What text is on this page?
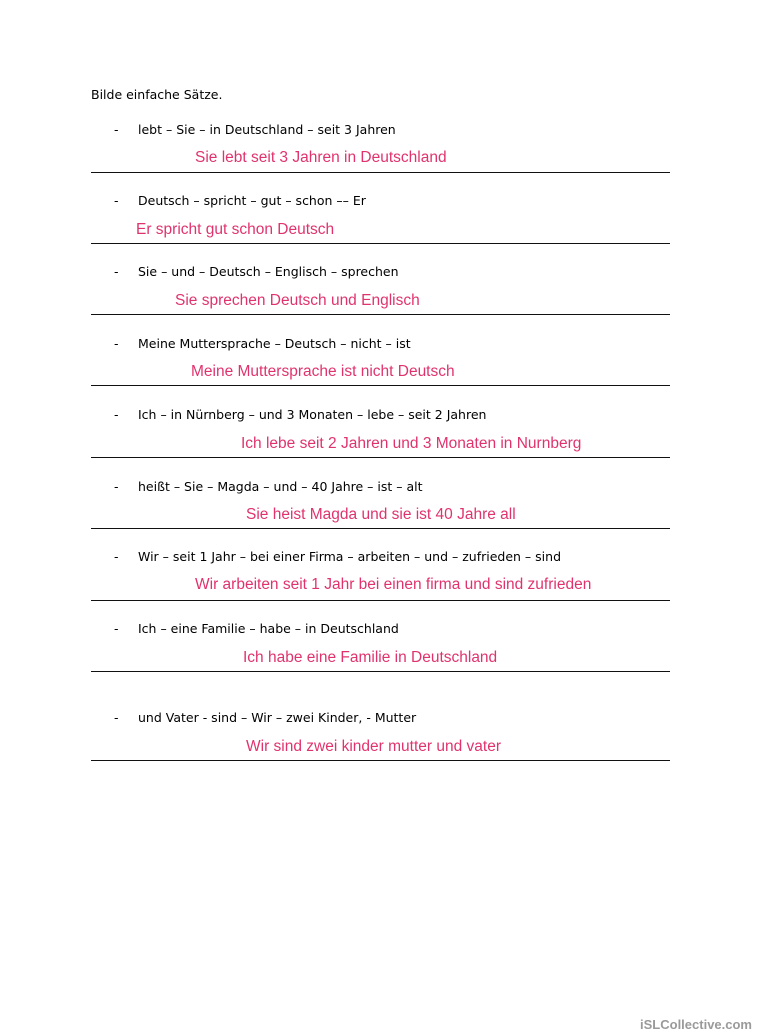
Bilde einfache Sätze.
- lebt – Sie – in Deutschland – seit 3 Jahren
Sie lebt seit 3 Jahren in Deutschland
- Deutsch – spricht – gut – schon –– Er
Er spricht gut schon Deutsch
- Sie – und – Deutsch – Englisch – sprechen
Sie sprechen Deutsch und Englisch
- Meine Muttersprache – Deutsch – nicht – ist
Meine Muttersprache ist nicht Deutsch
- Ich – in Nürnberg – und 3 Monaten – lebe – seit 2 Jahren
Ich lebe seit 2 Jahren und 3 Monaten in Nurnberg
- heißt – Sie – Magda – und – 40 Jahre – ist – alt
Sie heist Magda und sie ist 40 Jahre all
- Wir – seit 1 Jahr – bei einer Firma – arbeiten – und – zufrieden – sind
Wir arbeiten seit 1 Jahr bei einen firma und sind zufrieden
- Ich – eine Familie – habe – in Deutschland
Ich habe eine Familie in Deutschland
- und Vater - sind – Wir – zwei Kinder, - Mutter
Wir sind zwei kinder mutter und vater
iSLCollective.com
